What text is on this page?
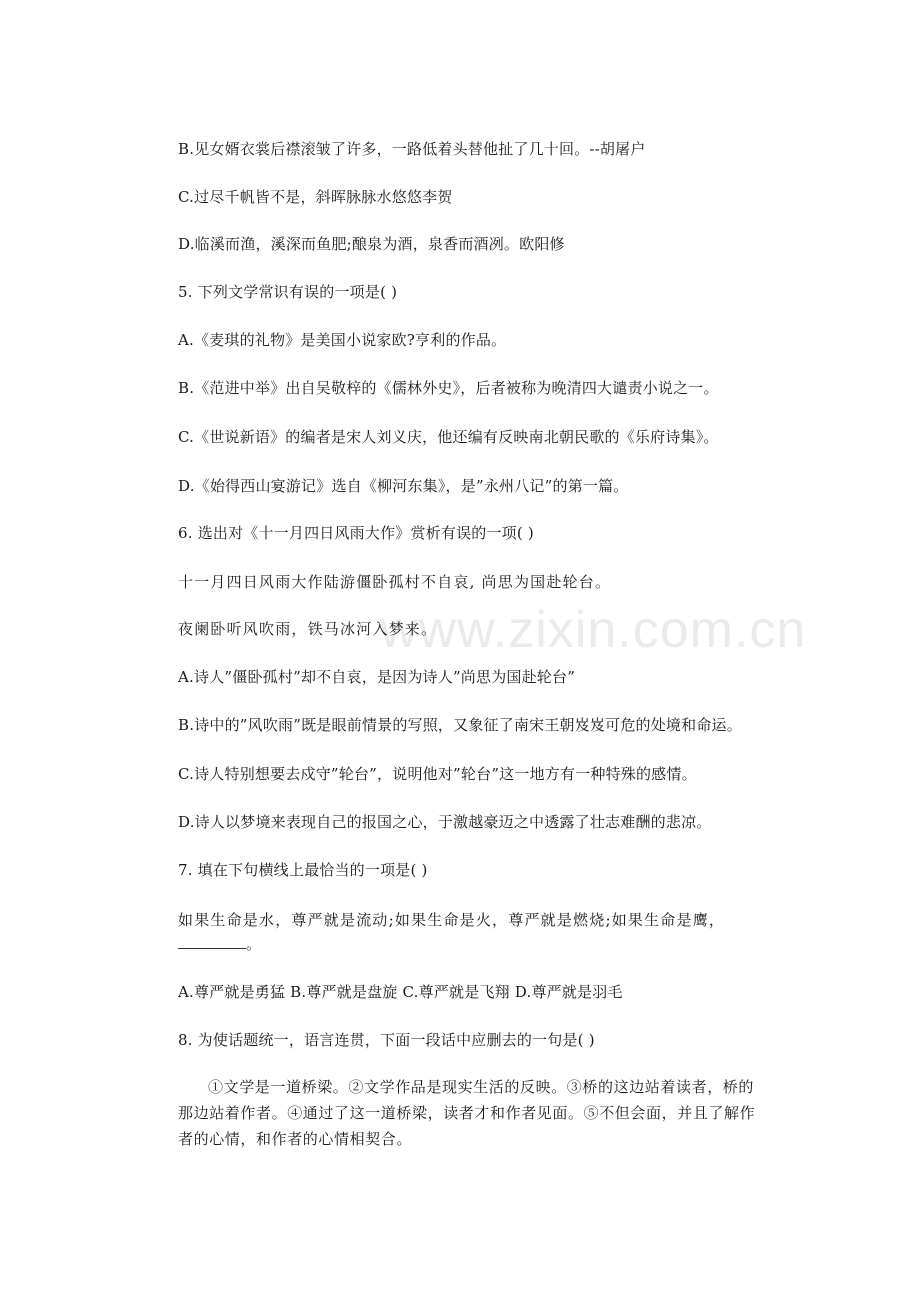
www.zixin.com.cn
B.见女婿衣裳后襟滚皱了许多，一路低着头替他扯了几十回。--胡屠户
C.过尽千帆皆不是，斜晖脉脉水悠悠李贺
D.临溪而渔，溪深而鱼肥;酿泉为酒，泉香而酒冽。欧阳修
5. 下列文学常识有误的一项是( )
A.《麦琪的礼物》是美国小说家欧?亨利的作品。
B.《范进中举》出自吴敬梓的《儒林外史》，后者被称为晚清四大谴责小说之一。
C.《世说新语》的编者是宋人刘义庆，他还编有反映南北朝民歌的《乐府诗集》。
D.《始得西山宴游记》选自《柳河东集》，是”永州八记”的第一篇。
6. 选出对《十一月四日风雨大作》赏析有误的一项( )
十一月四日风雨大作陆游僵卧孤村不自哀, 尚思为国赴轮台。
夜阑卧听风吹雨，铁马冰河入梦来。
A.诗人”僵卧孤村”却不自哀，是因为诗人”尚思为国赴轮台”
B.诗中的”风吹雨”既是眼前情景的写照，又象征了南宋王朝岌岌可危的处境和命运。
C.诗人特别想要去戍守”轮台”，说明他对”轮台”这一地方有一种特殊的感情。
D.诗人以梦境来表现自己的报国之心，于激越豪迈之中透露了壮志难酬的悲凉。
7. 填在下句横线上最恰当的一项是( )
如果生命是水，尊严就是流动;如果生命是火，尊严就是燃烧;如果生命是鹰，
。
A.尊严就是勇猛 B.尊严就是盘旋 C.尊严就是飞翔 D.尊严就是羽毛
8. 为使话题统一，语言连贯，下面一段话中应删去的一句是( )
①文学是一道桥梁。②文学作品是现实生活的反映。③桥的这边站着读者，桥的那边站着作者。④通过了这一道桥梁，读者才和作者见面。⑤不但会面，并且了解作者的心情，和作者的心情相契合。
